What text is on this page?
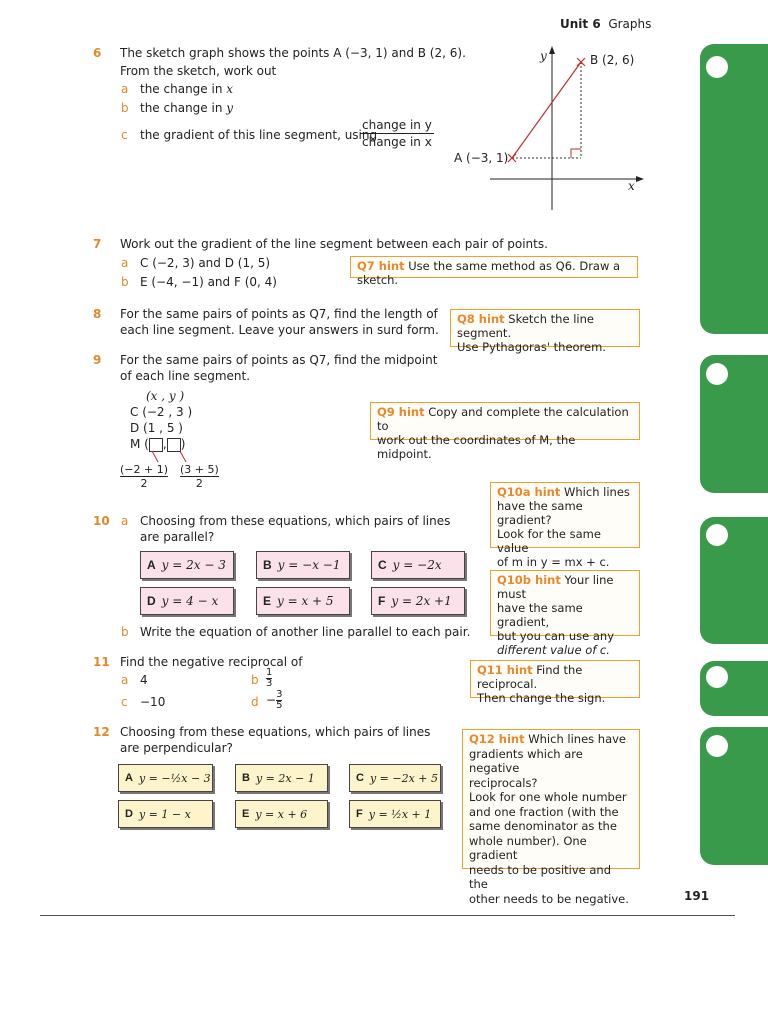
Unit 6 Graphs
6 The sketch graph shows the points A (−3, 1) and B (2, 6).
From the sketch, work out
a the change in x
b the change in y
c the gradient of this line segment, using
change in y
change in x
y
x
B (2, 6)
A (−3, 1)
7 Work out the gradient of the line segment between each pair of points.
a C (−2, 3) and D (1, 5)
b E (−4, −1) and F (0, 4)
Q7 hint Use the same method as Q6. Draw a sketch.
8 For the same pairs of points as Q7, find the length of
each line segment. Leave your answers in surd form.
Q8 hint Sketch the line segment.
Use Pythagoras' theorem.
9 For the same pairs of points as Q7, find the midpoint
of each line segment.
(x , y )
C (−2 , 3 )
D (1 , 5 )
M ( , )
(−2 + 1)
2
(3 + 5)
2
Q9 hint Copy and complete the calculation to
work out the coordinates of M, the midpoint.
Q10a hint Which lines
have the same gradient?
Look for the same value
of m in y = mx + c.
Q10b hint Your line must
have the same gradient,
but you can use any
different value of c.
10 a Choosing from these equations, which pairs of lines
are parallel?
A y = 2x − 3	B y = −x −1	C y = −2x
D y = 4 − x	E y = x + 5	F y = 2x +1
b Write the equation of another line parallel to each pair.
11 Find the negative reciprocal of
a 4	b $\frac{1}{3}$
c −10	$d - \frac{3}{5}$
Q11 hint Find the reciprocal.
Then change the sign.
12 Choosing from these equations, which pairs of lines
are perpendicular?
A y = −½x − 3	B y = 2x − 1	C y = −2x + 5
D y = 1 − x	E y = x + 6	F y = ½x + 1
Q12 hint Which lines have
gradients which are negative
reciprocals?
Look for one whole number
and one fraction (with the
same denominator as the
whole number). One gradient
needs to be positive and the
other needs to be negative.	191
